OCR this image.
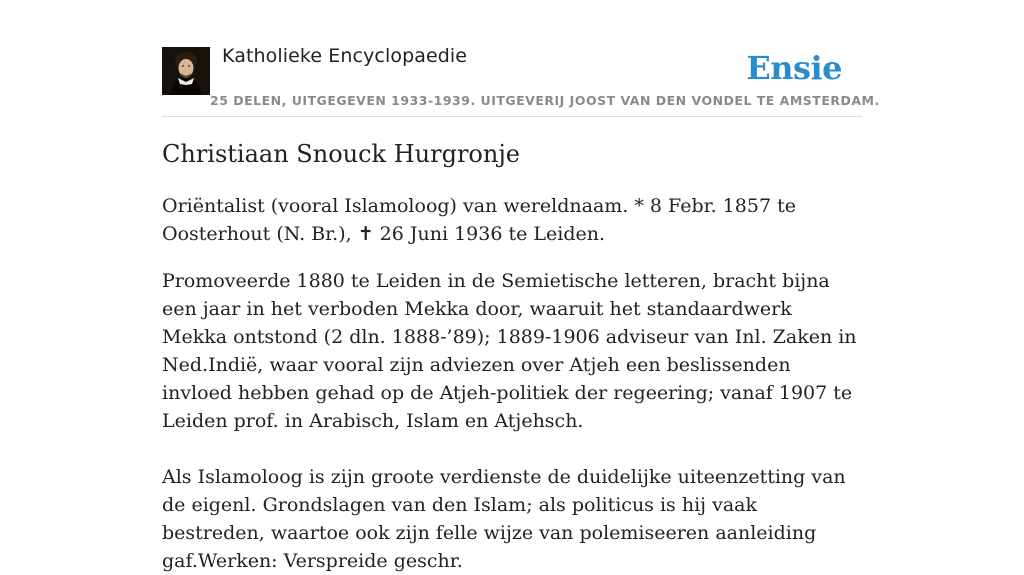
Katholieke Encyclopaedie
25 DELEN, UITGEGEVEN 1933-1939. UITGEVERIJ JOOST VAN DEN VONDEL TE AMSTERDAM.
Ensie
Christiaan Snouck Hurgronje

Oriëntalist (vooral Islamoloog) van wereldnaam. * 8 Febr. 1857 te Oosterhout (N. Br.), ✝ 26 Juni 1936 te Leiden.

Promoveerde 1880 te Leiden in de Semietische letteren, bracht bijna een jaar in het verboden Mekka door, waaruit het standaardwerk Mekka ontstond (2 dln. 1888-’89); 1889-1906 adviseur van Inl. Zaken in Ned.Indië, waar vooral zijn adviezen over Atjeh een beslissenden invloed hebben gehad op de Atjeh-politiek der regeering; vanaf 1907 te Leiden prof. in Arabisch, Islam en Atjehsch.

Als Islamoloog is zijn groote verdienste de duidelijke uiteenzetting van de eigenl. Grondslagen van den Islam; als politicus is hij vaak bestreden, waartoe ook zijn felle wijze van polemiseeren aanleiding gaf.Werken: Verspreide geschr.
